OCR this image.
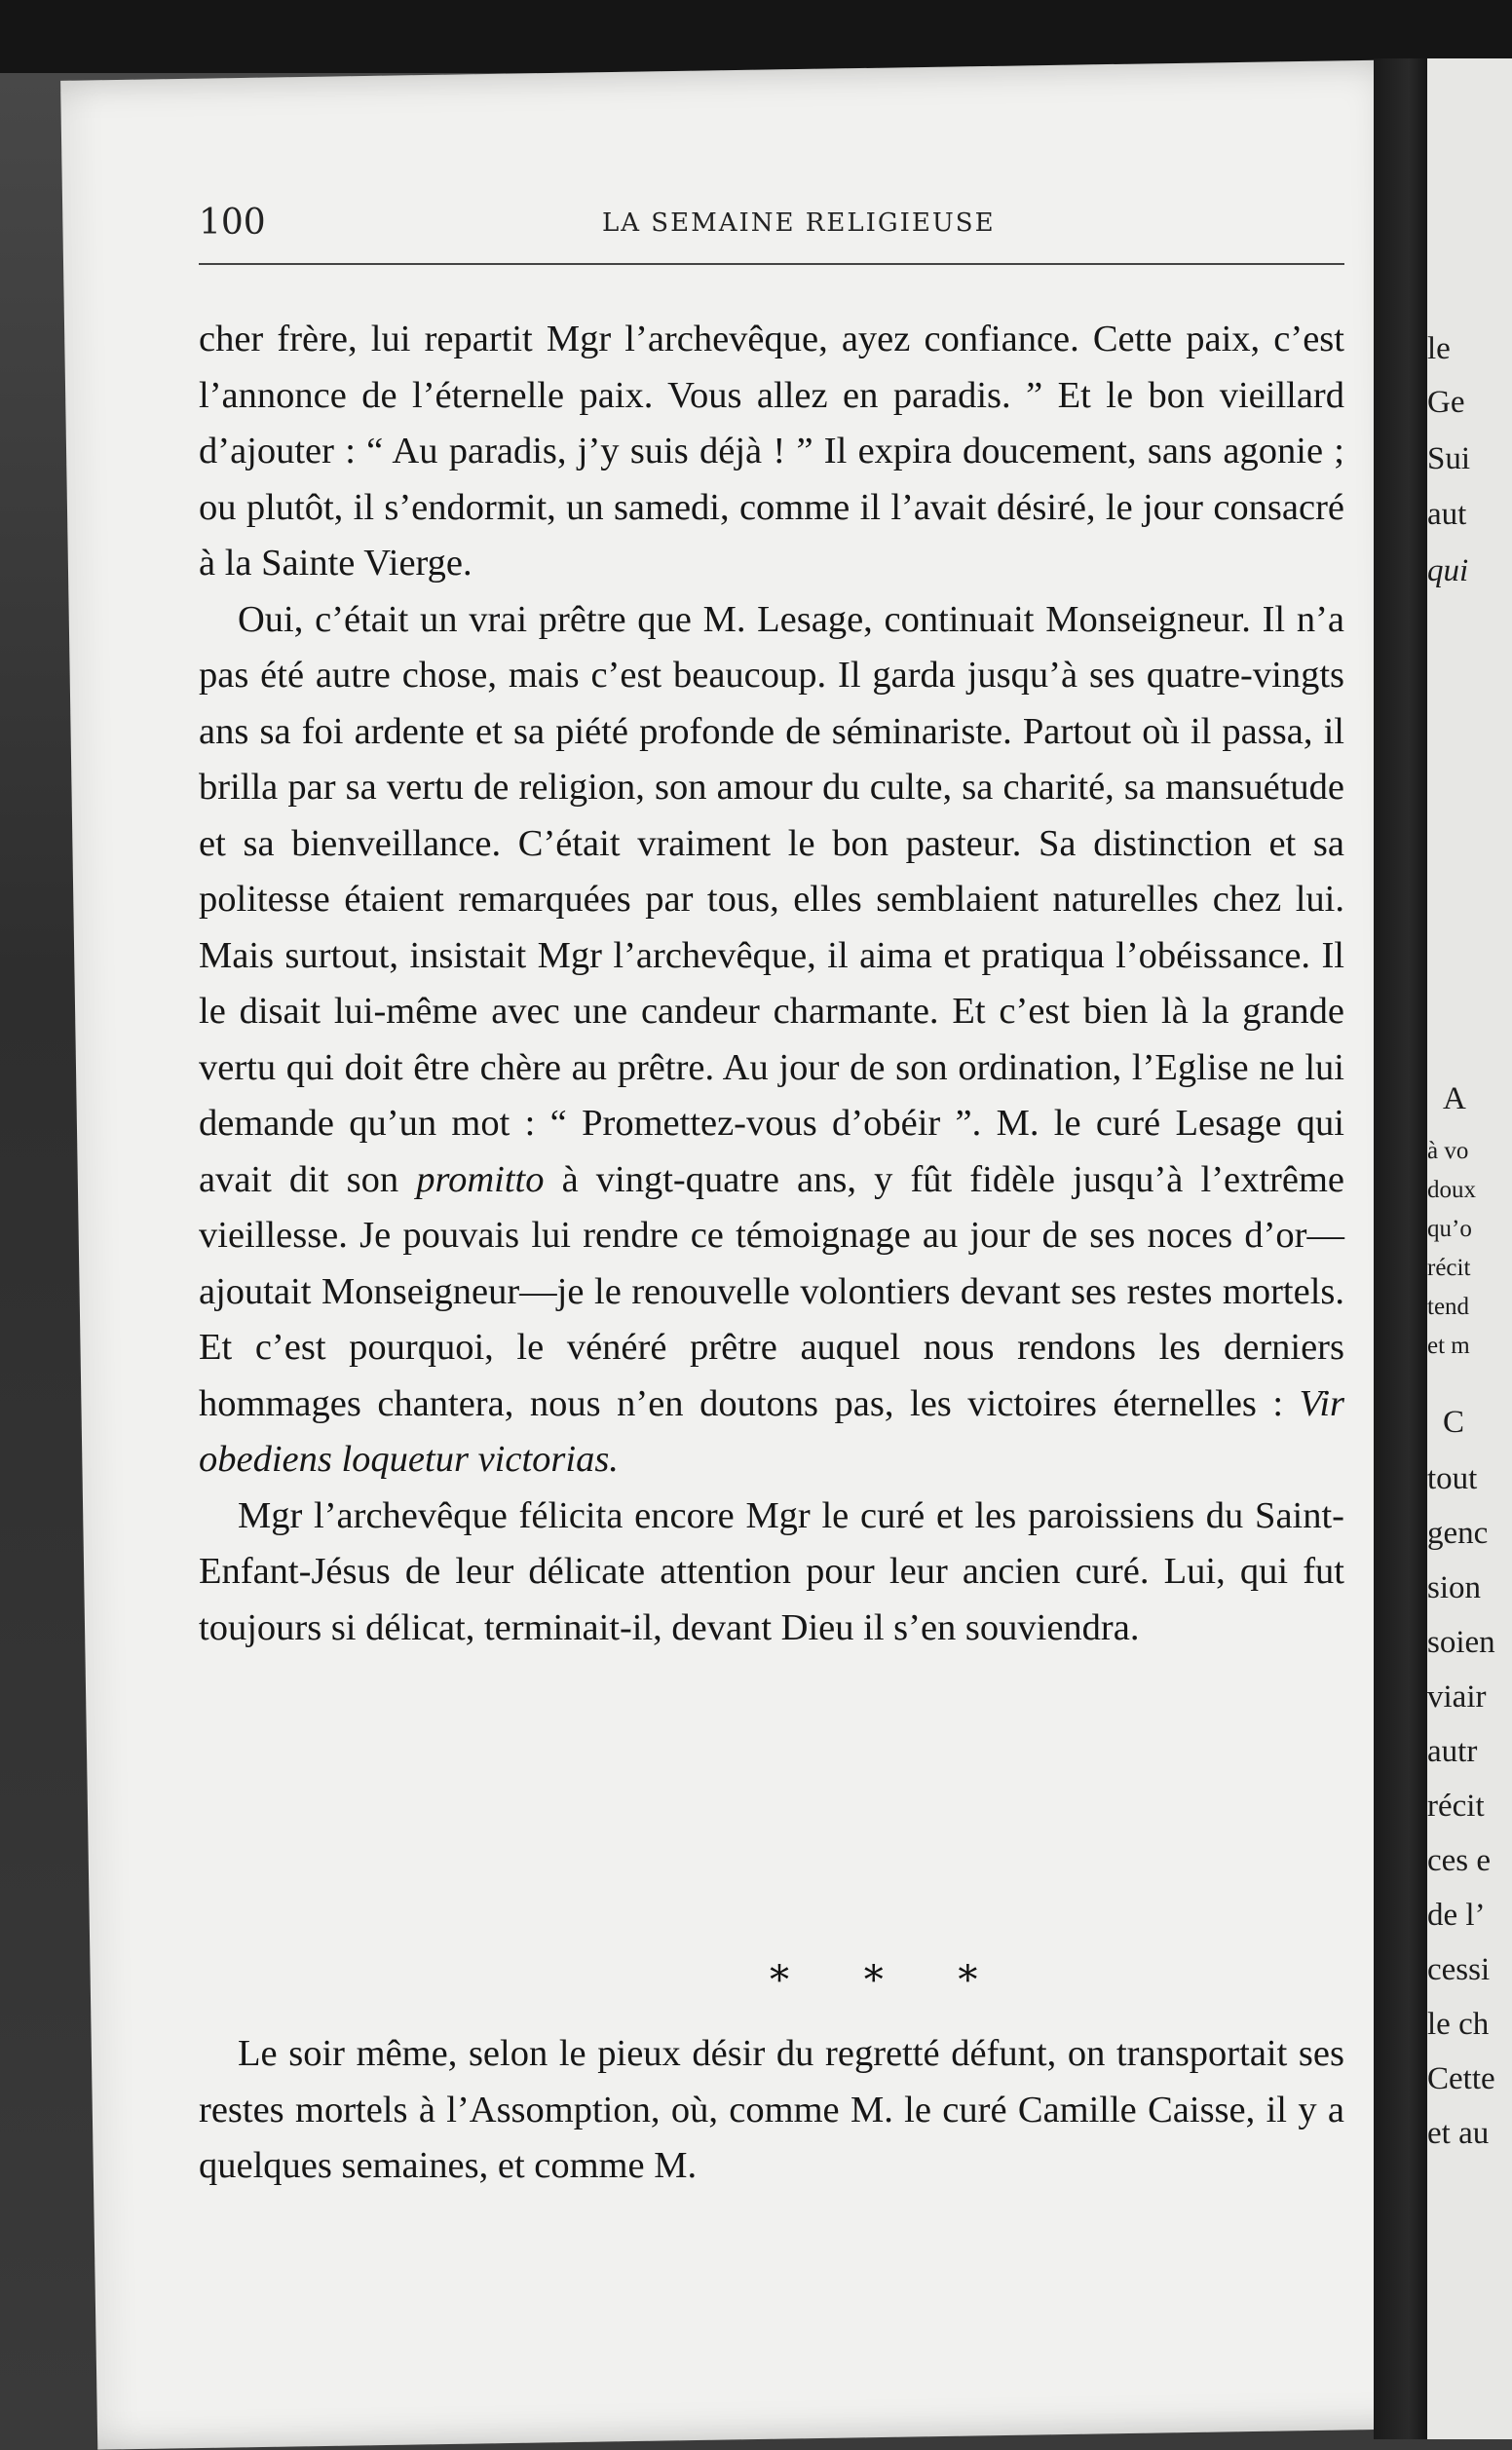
le
Ge
Sui
aut
qui
A
à vo
doux
qu’o
récit
tend
et m
C
tout
genc
sion
soien
viair
autr
récit
ces e
de l’
cessi
le ch
Cette
et au
100	LA SEMAINE RELIGIEUSE

cher frère, lui repartit Mgr l’archevêque, ayez confiance. Cette paix, c’est l’annonce de l’éternelle paix. Vous allez en paradis. ” Et le bon vieillard d’ajouter : “ Au paradis, j’y suis déjà ! ” Il expira doucement, sans agonie ; ou plutôt, il s’endormit, un samedi, comme il l’avait désiré, le jour consacré à la Sainte Vierge.

Oui, c’était un vrai prêtre que M. Lesage, continuait Monseigneur. Il n’a pas été autre chose, mais c’est beaucoup. Il garda jusqu’à ses quatre-vingts ans sa foi ardente et sa piété profonde de séminariste. Partout où il passa, il brilla par sa vertu de religion, son amour du culte, sa charité, sa mansuétude et sa bienveillance. C’était vraiment le bon pasteur. Sa distinction et sa politesse étaient remarquées par tous, elles semblaient naturelles chez lui. Mais surtout, insistait Mgr l’archevêque, il aima et pratiqua l’obéissance. Il le disait lui-même avec une candeur charmante. Et c’est bien là la grande vertu qui doit être chère au prêtre. Au jour de son ordination, l’Eglise ne lui demande qu’un mot : “ Promettez-vous d’obéir ”. M. le curé Lesage qui avait dit son promitto à vingt-quatre ans, y fût fidèle jusqu’à l’extrême vieillesse. Je pouvais lui rendre ce témoignage au jour de ses noces d’or—ajoutait Monseigneur—je le renouvelle volontiers devant ses restes mortels. Et c’est pourquoi, le vénéré prêtre auquel nous rendons les derniers hommages chantera, nous n’en doutons pas, les victoires éternelles : Vir obediens loquetur victorias.

Mgr l’archevêque félicita encore Mgr le curé et les paroissiens du Saint-Enfant-Jésus de leur délicate attention pour leur ancien curé. Lui, qui fut toujours si délicat, terminait-il, devant Dieu il s’en souviendra.

* * *

Le soir même, selon le pieux désir du regretté défunt, on transportait ses restes mortels à l’Assomption, où, comme M. le curé Camille Caisse, il y a quelques semaines, et comme M.
